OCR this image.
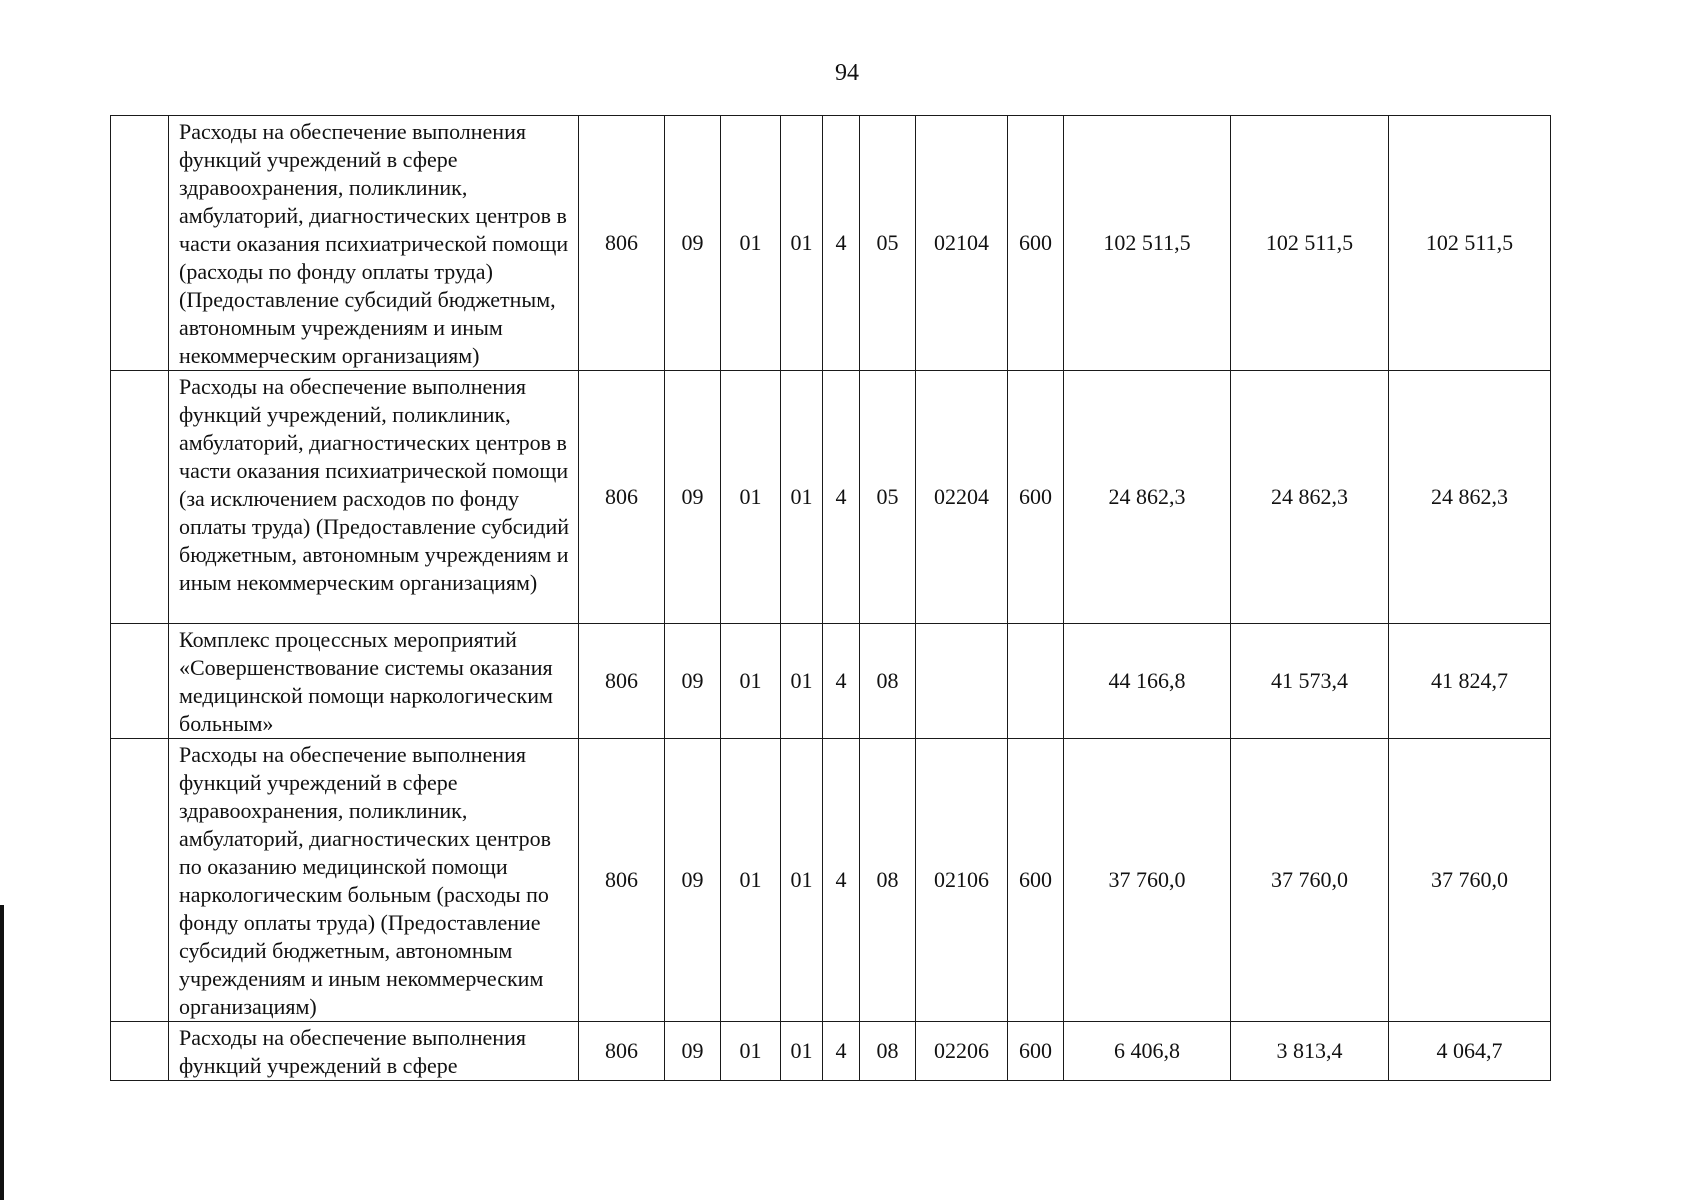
94
	Расходы на обеспечение выполнения функций учреждений в сфере здравоохранения, поликлиник, амбулаторий, диагностических центров в части оказания психиатрической помощи (расходы по фонду оплаты труда) (Предоставление субсидий бюджетным, автономным учреждениям и иным некоммерческим организациям)	806	09	01	01	4	05	02104	600	102 511,5	102 511,5	102 511,5
	Расходы на обеспечение выполнения функций учреждений, поликлиник, амбулаторий, диагностических центров в части оказания психиатрической помощи (за исключением расходов по фонду оплаты труда) (Предоставление субсидий бюджетным, автономным учреждениям и иным некоммерческим организациям)	806	09	01	01	4	05	02204	600	24 862,3	24 862,3	24 862,3
	Комплекс процессных мероприятий «Совершенствование системы оказания медицинской помощи наркологическим больным»	806	09	01	01	4	08			44 166,8	41 573,4	41 824,7
	Расходы на обеспечение выполнения функций учреждений в сфере здравоохранения, поликлиник, амбулаторий, диагностических центров по оказанию медицинской помощи наркологическим больным (расходы по фонду оплаты труда) (Предоставление субсидий бюджетным, автономным учреждениям и иным некоммерческим организациям)	806	09	01	01	4	08	02106	600	37 760,0	37 760,0	37 760,0
	Расходы на обеспечение выполнения функций учреждений в сфере	806	09	01	01	4	08	02206	600	6 406,8	3 813,4	4 064,7
